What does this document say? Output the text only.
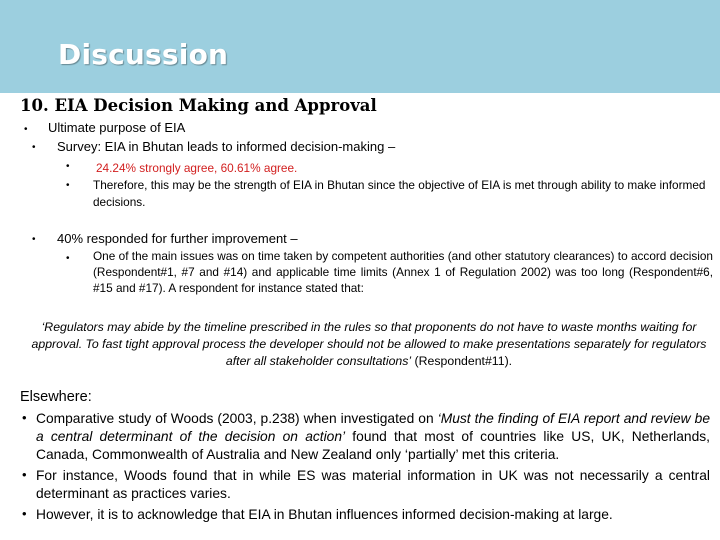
Discussion
10. EIA Decision Making and Approval
• Ultimate purpose of EIA
• Survey: EIA in Bhutan leads to informed decision-making –
• 24.24% strongly agree, 60.61% agree.
• Therefore, this may be the strength of EIA in Bhutan since the objective of EIA is met through ability to make informed decisions.
• 40% responded for further improvement –
• One of the main issues was on time taken by competent authorities (and other statutory clearances) to accord decision (Respondent#1, #7 and #14) and applicable time limits (Annex 1 of Regulation 2002) was too long (Respondent#6, #15 and #17). A respondent for instance stated that:
‘Regulators may abide by the timeline prescribed in the rules so that proponents do not have to waste months waiting for approval. To fast tight approval process the developer should not be allowed to make presentations separately for regulators after all stakeholder consultations’ (Respondent#11).
Elsewhere:
• Comparative study of Woods (2003, p.238) when investigated on ‘Must the finding of EIA report and review be a central determinant of the decision on action’ found that most of countries like US, UK, Netherlands, Canada, Commonwealth of Australia and New Zealand only ‘partially’ met this criteria.
• For instance, Woods found that in while ES was material information in UK was not necessarily a central determinant as practices varies.
• However, it is to acknowledge that EIA in Bhutan influences informed decision-making at large.
